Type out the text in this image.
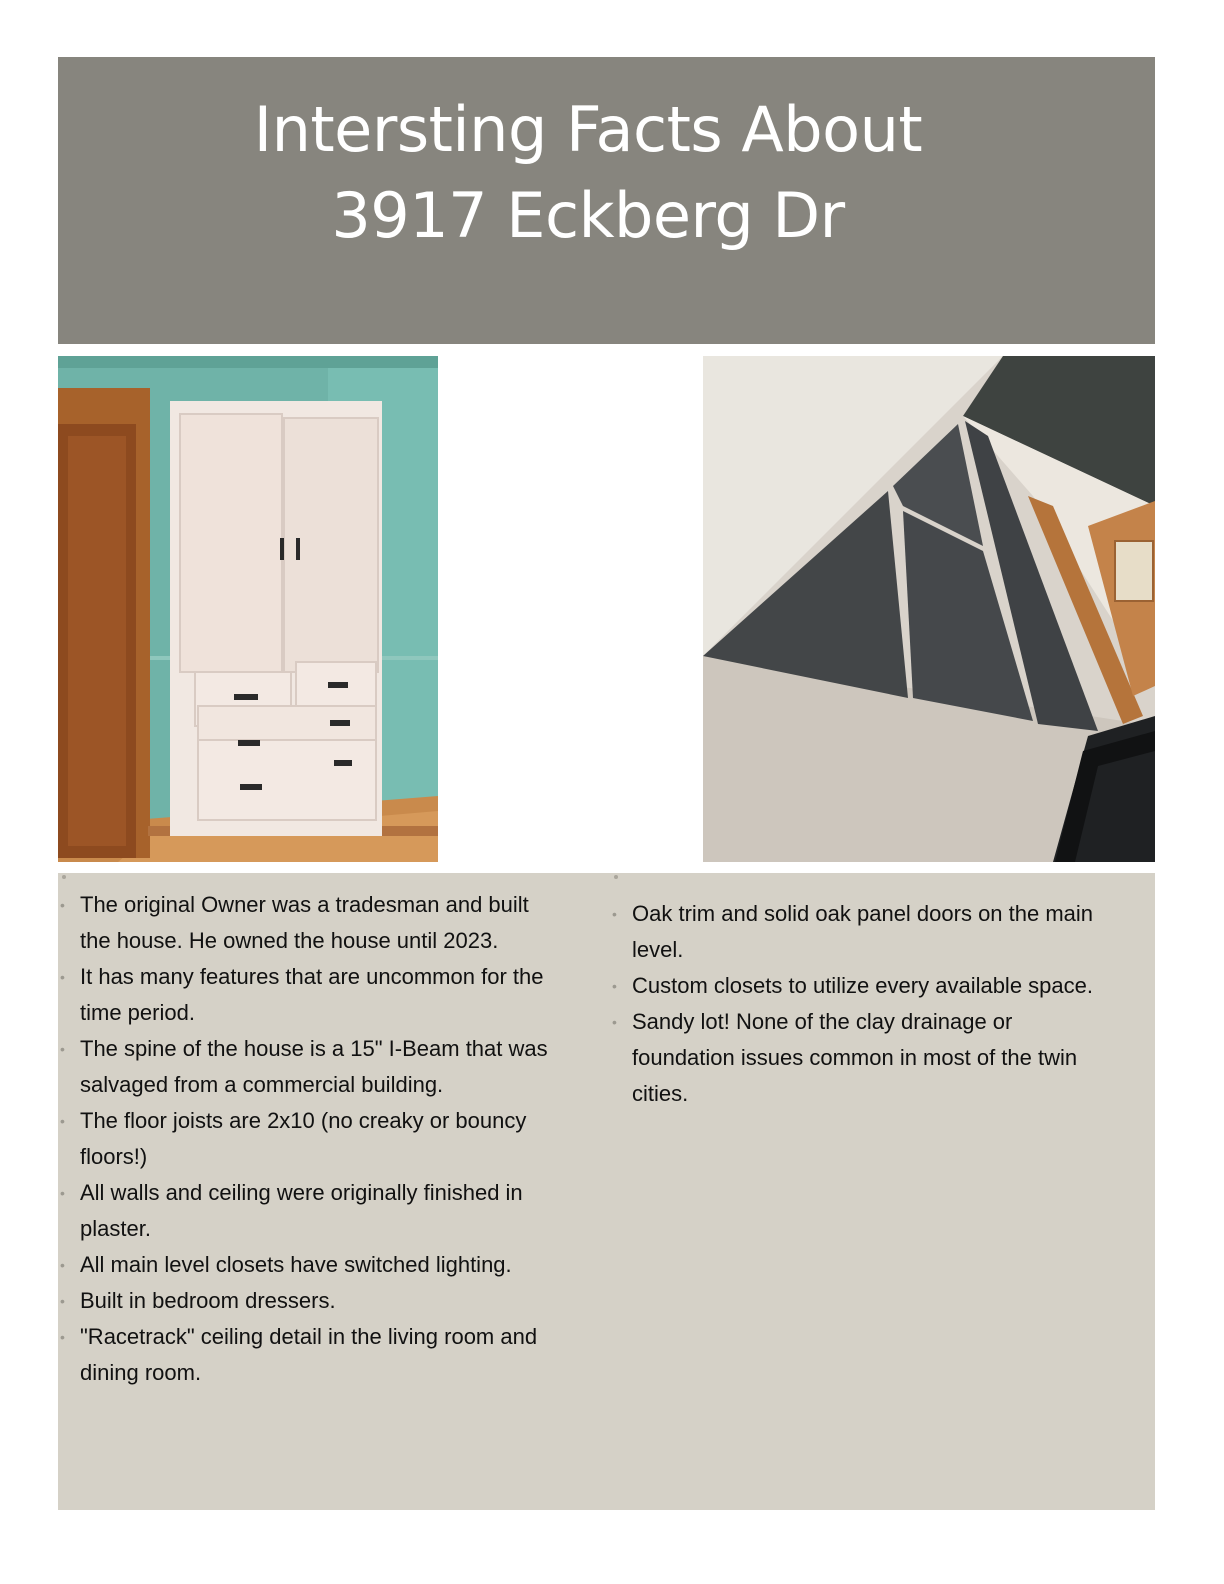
Intersting Facts About
3917 Eckberg Dr
• The original Owner was a tradesman and built the house. He owned the house until 2023.
• It has many features that are uncommon for the time period.
• The spine of the house is a 15" I-Beam that was salvaged from a commercial building.
• The floor joists are 2x10 (no creaky or bouncy floors!)
• All walls and ceiling were originally finished in plaster.
• All main level closets have switched lighting.
• Built in bedroom dressers.
• "Racetrack" ceiling detail in the living room and dining room.
• Oak trim and solid oak panel doors on the main level.
• Custom closets to utilize every available space.
• Sandy lot! None of the clay drainage or foundation issues common in most of the twin cities.
